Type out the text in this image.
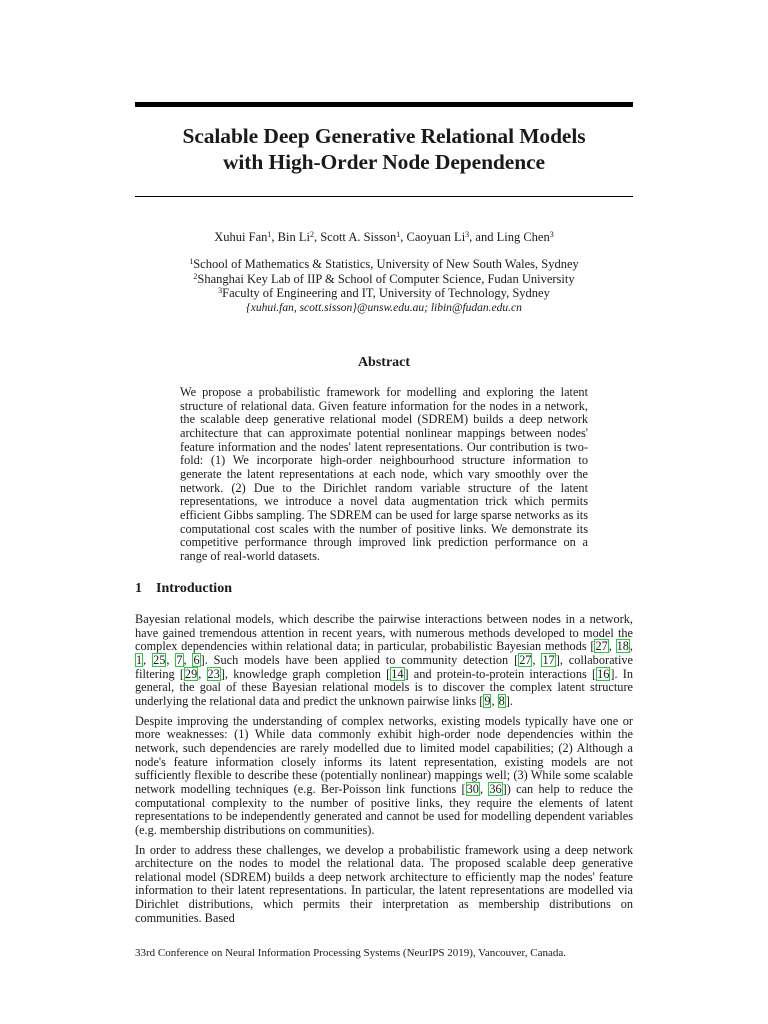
Scalable Deep Generative Relational Models
with High-Order Node Dependence
Xuhui Fan$^1$, Bin Li$^2$, Scott A. Sisson$^1$, Caoyuan Li$^3$, and Ling Chen$^3$
$^1$School of Mathematics & Statistics, University of New South Wales, Sydney
$^2$Shanghai Key Lab of IIP & School of Computer Science, Fudan University
$^3$Faculty of Engineering and IT, University of Technology, Sydney
{xuhui.fan, scott.sisson}@unsw.edu.au; libin@fudan.edu.cn
Abstract

We propose a probabilistic framework for modelling and exploring the latent structure of relational data. Given feature information for the nodes in a network, the scalable deep generative relational model (SDREM) builds a deep network architecture that can approximate potential nonlinear mappings between nodes' feature information and the nodes' latent representations. Our contribution is two-fold: (1) We incorporate high-order neighbourhood structure information to generate the latent representations at each node, which vary smoothly over the network. (2) Due to the Dirichlet random variable structure of the latent representations, we introduce a novel data augmentation trick which permits efficient Gibbs sampling. The SDREM can be used for large sparse networks as its computational cost scales with the number of positive links. We demonstrate its competitive performance through improved link prediction performance on a range of real-world datasets.

1 Introduction

Bayesian relational models, which describe the pairwise interactions between nodes in a network, have gained tremendous attention in recent years, with numerous methods developed to model the complex dependencies within relational data; in particular, probabilistic Bayesian methods [27, 18, 1, 25, 7, 6]. Such models have been applied to community detection [27, 17], collaborative filtering [29, 23], knowledge graph completion [14] and protein-to-protein interactions [16]. In general, the goal of these Bayesian relational models is to discover the complex latent structure underlying the relational data and predict the unknown pairwise links [9, 8].

Despite improving the understanding of complex networks, existing models typically have one or more weaknesses: (1) While data commonly exhibit high-order node dependencies within the network, such dependencies are rarely modelled due to limited model capabilities; (2) Although a node's feature information closely informs its latent representation, existing models are not sufficiently flexible to describe these (potentially nonlinear) mappings well; (3) While some scalable network modelling techniques (e.g. Ber-Poisson link functions [30, 36]) can help to reduce the computational complexity to the number of positive links, they require the elements of latent representations to be independently generated and cannot be used for modelling dependent variables (e.g. membership distributions on communities).

In order to address these challenges, we develop a probabilistic framework using a deep network architecture on the nodes to model the relational data. The proposed scalable deep generative relational model (SDREM) builds a deep network architecture to efficiently map the nodes' feature information to their latent representations. In particular, the latent representations are modelled via Dirichlet distributions, which permits their interpretation as membership distributions on communities. Based

33rd Conference on Neural Information Processing Systems (NeurIPS 2019), Vancouver, Canada.
